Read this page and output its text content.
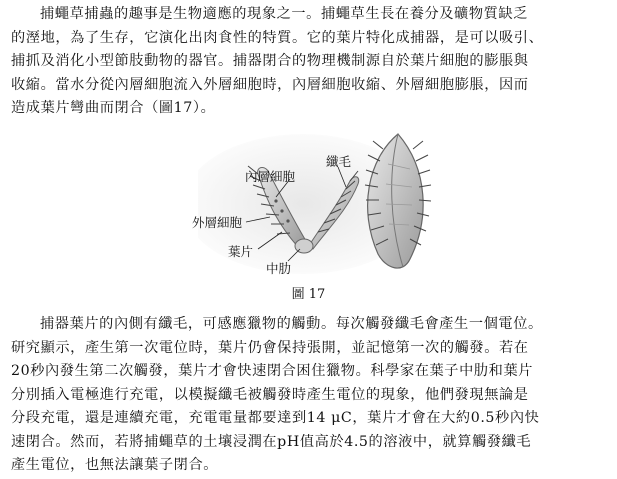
捕蠅草捕蟲的趣事是生物適應的現象之一。捕蠅草生長在養分及礦物質缺乏
的溼地，為了生存，它演化出肉食性的特質。它的葉片特化成捕器，是可以吸引、
捕抓及消化小型節肢動物的器官。捕器閉合的物理機制源自於葉片細胞的膨脹與
收縮。當水分從內層細胞流入外層細胞時，內層細胞收縮、外層細胞膨脹，因而
造成葉片彎曲而閉合（圖17）。
纖毛
內層細胞
外層細胞
葉片
中肋
圖 17
捕器葉片的內側有纖毛，可感應獵物的觸動。每次觸發纖毛會產生一個電位。
研究顯示，產生第一次電位時，葉片仍會保持張開，並記憶第一次的觸發。若在
20秒內發生第二次觸發，葉片才會快速閉合困住獵物。科學家在葉子中肋和葉片
分別插入電極進行充電，以模擬纖毛被觸發時產生電位的現象，他們發現無論是
分段充電，還是連續充電，充電電量都要達到14 μC，葉片才會在大約0.5秒內快
速閉合。然而，若將捕蠅草的土壤浸潤在pH值高於4.5的溶液中，就算觸發纖毛
產生電位，也無法讓葉子閉合。
